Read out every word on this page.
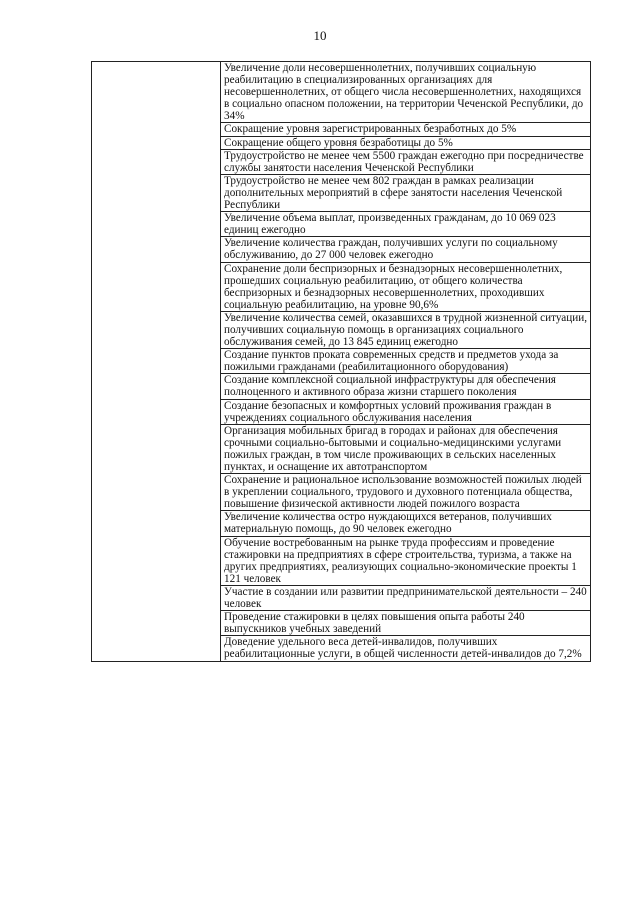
10
	Увеличение доли несовершеннолетних, получивших социальную реабилитацию в специализированных организациях для несовершеннолетних, от общего числа несовершеннолетних, находящихся в социально опасном положении, на территории Чеченской Республики, до 34%
Сокращение уровня зарегистрированных безработных до 5%
Сокращение общего уровня безработицы до 5%
Трудоустройство не менее чем 5500 граждан ежегодно при посредничестве службы занятости населения Чеченской Республики
Трудоустройство не менее чем 802 граждан в рамках реализации дополнительных мероприятий в сфере занятости населения Чеченской Республики
Увеличение объема выплат, произведенных гражданам, до 10 069 023 единиц ежегодно
Увеличение количества граждан, получивших услуги по социальному обслуживанию, до 27 000 человек ежегодно
Сохранение доли беспризорных и безнадзорных несовершеннолетних, прошедших социальную реабилитацию, от общего количества беспризорных и безнадзорных несовершеннолетних, проходивших социальную реабилитацию, на уровне 90,6%
Увеличение количества семей, оказавшихся в трудной жизненной ситуации, получивших социальную помощь в организациях социального обслуживания семей, до 13 845 единиц ежегодно
Создание пунктов проката современных средств и предметов ухода за пожилыми гражданами (реабилитационного оборудования)
Создание комплексной социальной инфраструктуры для обеспечения полноценного и активного образа жизни старшего поколения
Создание безопасных и комфортных условий проживания граждан в учреждениях социального обслуживания населения
Организация мобильных бригад в городах и районах для обеспечения срочными социально-бытовыми и социально-медицинскими услугами пожилых граждан, в том числе проживающих в сельских населенных пунктах, и оснащение их автотранспортом
Сохранение и рациональное использование возможностей пожилых людей в укреплении социального, трудового и духовного потенциала общества, повышение физической активности людей пожилого возраста
Увеличение количества остро нуждающихся ветеранов, получивших материальную помощь, до 90 человек ежегодно
Обучение востребованным на рынке труда профессиям и проведение стажировки на предприятиях в сфере строительства, туризма, а также на других предприятиях, реализующих социально-экономические проекты 1 121 человек
Участие в создании или развитии предпринимательской деятельности – 240 человек
Проведение стажировки в целях повышения опыта работы 240 выпускников учебных заведений
Доведение удельного веса детей-инвалидов, получивших реабилитационные услуги, в общей численности детей-инвалидов до 7,2%
